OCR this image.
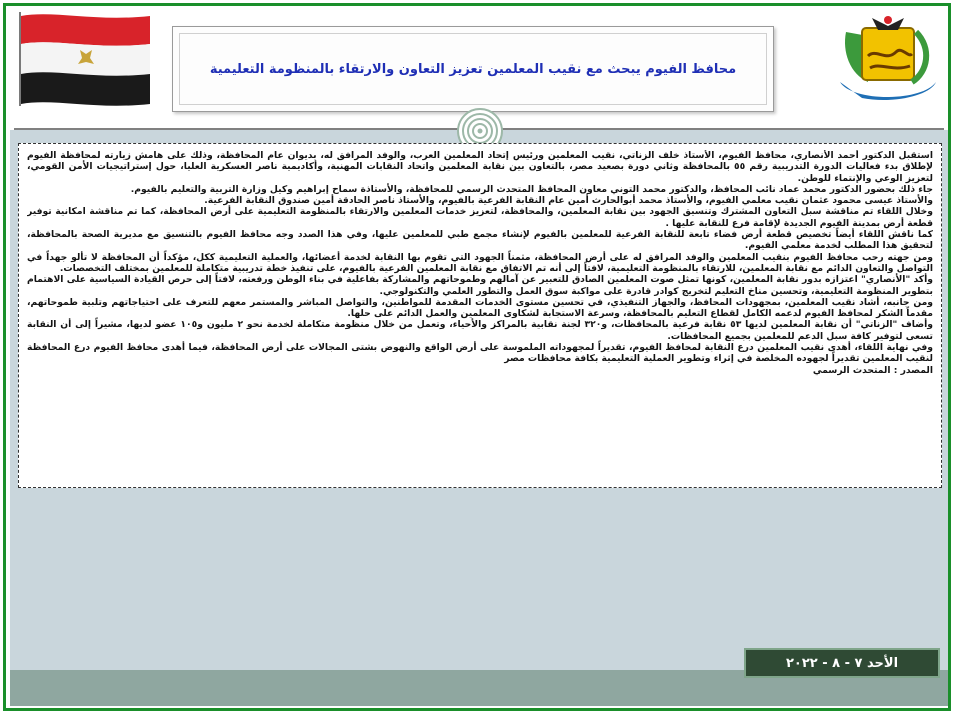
محافظ الفيوم يبحث مع نقيب المعلمين تعزيز التعاون والارتقاء بالمنظومة التعليمية

استقبل الدكتور أحمد الأنصاري، محافظ الفيوم، الأستاذ خلف الزناتي، نقيب المعلمين ورئيس إتحاد المعلمين العرب، والوفد المرافق له، بديوان عام المحافظة، وذلك على هامش زيارته لمحافظة الفيوم لإطلاق بدء فعاليات الدورة التدريبية رقم ٥٥ بالمحافظة وثاني دورة بصعيد مصر، بالتعاون بين نقابة المعلمين واتحاد النقابات المهنية، وأكاديمية ناصر العسكرية العليا، حول إستراتيجيات الأمن القومي، لتعزيز الوعي والإنتماء للوطن.

جاء ذلك بحضور الدكتور محمد عماد نائب المحافظ، والدكتور محمد التوني معاون المحافظ المتحدث الرسمي للمحافظة، والأستاذة سماح إبراهيم وكيل وزارة التربية والتعليم بالفيوم.

والأستاذ عيسى محمود عثمان نقيب معلمي الفيوم، والأستاذ محمد أبوالحارث أمين عام النقابة الفرعية بالفيوم، والأستاذ ناصر الحادقة أمين صندوق النقابة الفرعية.

وخلال اللقاء تم مناقشة سبل التعاون المشترك وتنسيق الجهود بين نقابة المعلمين، والمحافظة، لتعزيز خدمات المعلمين والارتقاء بالمنظومة التعليمية على أرض المحافظة، كما تم مناقشة امكانية توفير قطعة أرض بمدينة الفيوم الجديدة لإقامة فرع للنقابة عليها .

كما ناقش اللقاء أيضاً تخصيص قطعة أرض فضاء تابعة للنقابة الفرعية للمعلمين بالفيوم لإنشاء مجمع طبي للمعلمين عليها، وفي هذا الصدد وجه محافظ الفيوم بالتنسيق مع مديرية الصحة بالمحافظة، لتحقيق هذا المطلب لخدمة معلمي الفيوم.

ومن جهته رحب محافظ الفيوم بنقيب المعلمين والوفد المرافق له على أرض المحافظة، مثمناً الجهود التي تقوم بها النقابة لخدمة أعضائها، والعملية التعليمية ككل، مؤكداً أن المحافظة لا تألو جهداً في التواصل والتعاون الدائم مع نقابة المعلمين، للارتقاء بالمنظومة التعليمية، لافتاً إلى أنه تم الاتفاق مع نقابة المعلمين الفرعية بالفيوم، على تنفيذ خطة تدريبية متكاملة للمعلمين بمختلف التخصصات.

وأكد "الأنصاري" اعتزازه بدور نقابة المعلمين، كونها تمثل صوت المعلمين الصادق للتعبير عن آمالهم وطموحاتهم والمشاركة بفاعلية في بناء الوطن ورفعته، لافتاً إلى حرص القيادة السياسية على الاهتمام بتطوير المنظومة التعليمية، وتحسين مناخ التعليم لتخريج كوادر قادرة على مواكبة سوق العمل والتطور العلمي والتكنولوجي.

ومن جانبه، أشاد نقيب المعلمين، بمجهودات المحافظ، والجهاز التنفيذي، في تحسين مستوى الخدمات المقدمة للمواطنين، والتواصل المباشر والمستمر معهم للتعرف على احتياجاتهم وتلبية طموحاتهم، مقدماً الشكر لمحافظ الفيوم لدعمه الكامل لقطاع التعليم بالمحافظة، وسرعة الاستجابة لشكاوى المعلمين والعمل الدائم على حلها.

وأضاف "الزناتي" أن نقابة المعلمين لديها ٥٣ نقابة فرعية بالمحافظات، و٣٢٠ لجنة نقابية بالمراكز والأحياء، وتعمل من خلال منظومة متكاملة لخدمة نحو ٢ مليون و١٠٥ عضو لديها، مشيراً إلى أن النقابة تسعى لتوفير كافة سبل الدعم للمعلمين بجميع المحافظات.

وفي نهاية اللقاء، أهدى نقيب المعلمين درع النقابة لمحافظ الفيوم، تقديراً لمجهوداته الملموسة على أرض الواقع والنهوض بشتى المجالات على أرض المحافظة، فيما أهدى محافظ الفيوم درع المحافظة لنقيب المعلمين تقديراً لجهوده المخلصة في إثراء وتطوير العملية التعليمية بكافة محافظات مصر

المصدر : المتحدث الرسمي

الأحد ٧ - ٨ - ٢٠٢٢
